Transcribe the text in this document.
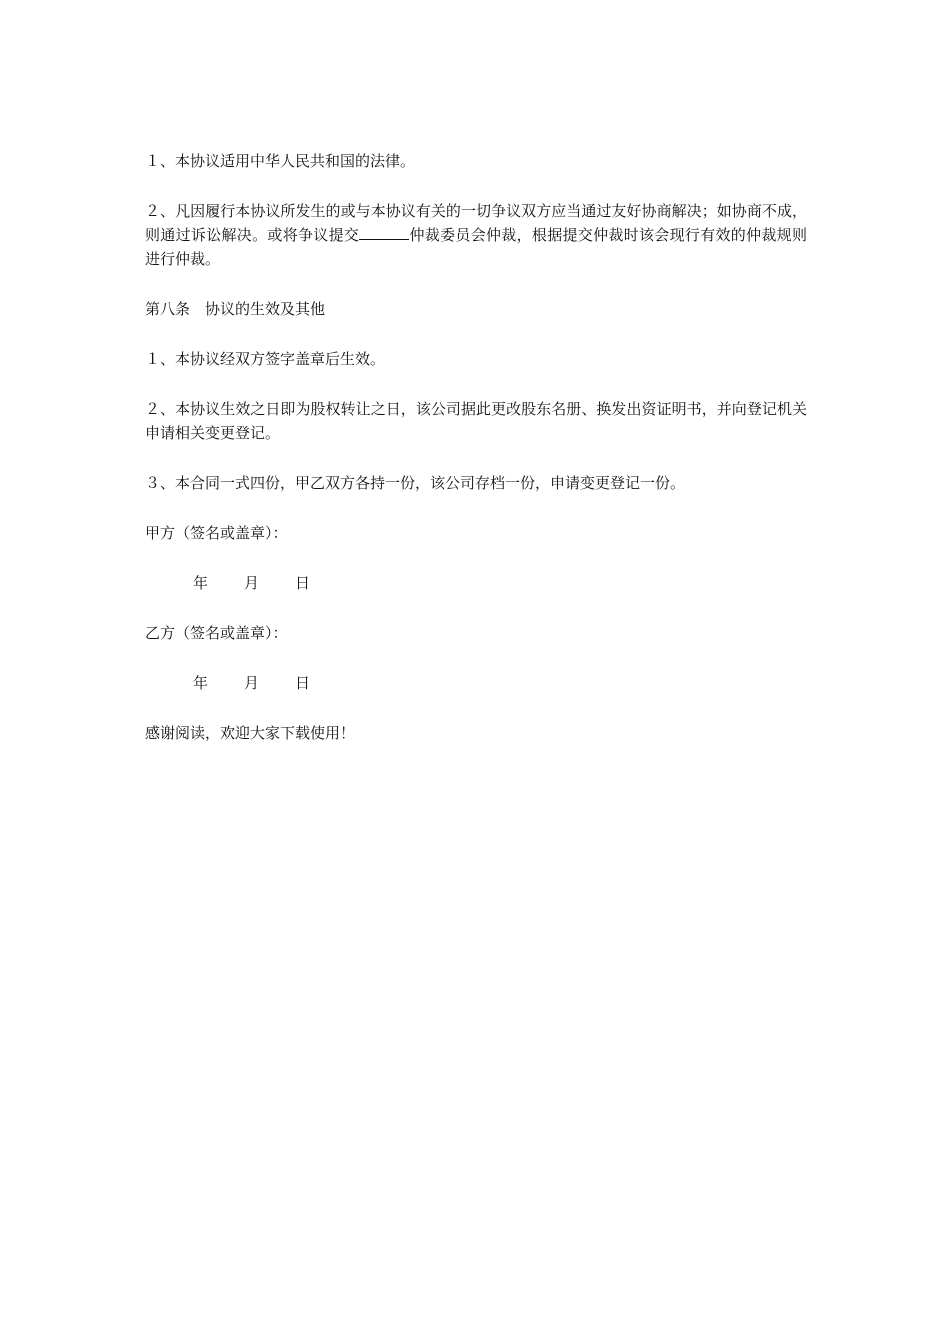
１、本协议适用中华人民共和国的法律。

２、凡因履行本协议所发生的或与本协议有关的一切争议双方应当通过友好协商解决；如协商不成，则通过诉讼解决。或将争议提交	仲裁委员会仲裁，根据提交仲裁时该会现行有效的仲裁规则进行仲裁。

第八条　协议的生效及其他

１、本协议经双方签字盖章后生效。

２、本协议生效之日即为股权转让之日，该公司据此更改股东名册、换发出资证明书，并向登记机关申请相关变更登记。

３、本合同一式四份，甲乙双方各持一份，该公司存档一份，申请变更登记一份。

甲方（签名或盖章）：

年 月 日

乙方（签名或盖章）：

年 月 日

感谢阅读，欢迎大家下载使用！
